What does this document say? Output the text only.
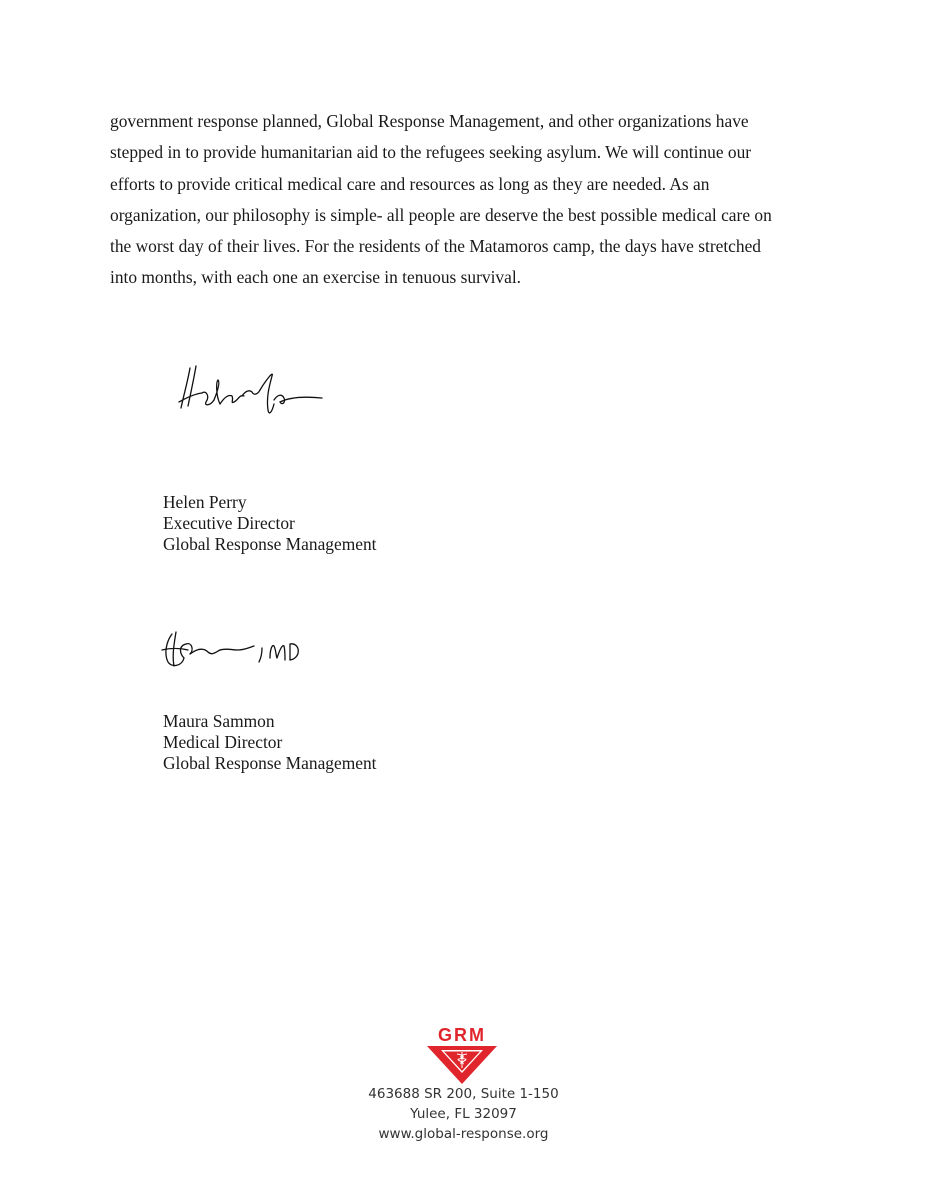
government response planned, Global Response Management, and other organizations have
stepped in to provide humanitarian aid to the refugees seeking asylum. We will continue our
efforts to provide critical medical care and resources as long as they are needed. As an
organization, our philosophy is simple- all people are deserve the best possible medical care on
the worst day of their lives. For the residents of the Matamoros camp, the days have stretched
into months, with each one an exercise in tenuous survival.

Helen Perry
Executive Director
Global Response Management
Maura Sammon
Medical Director
Global Response Management
GRM
463688 SR 200, Suite 1-150
Yulee, FL 32097
www.global-response.org
